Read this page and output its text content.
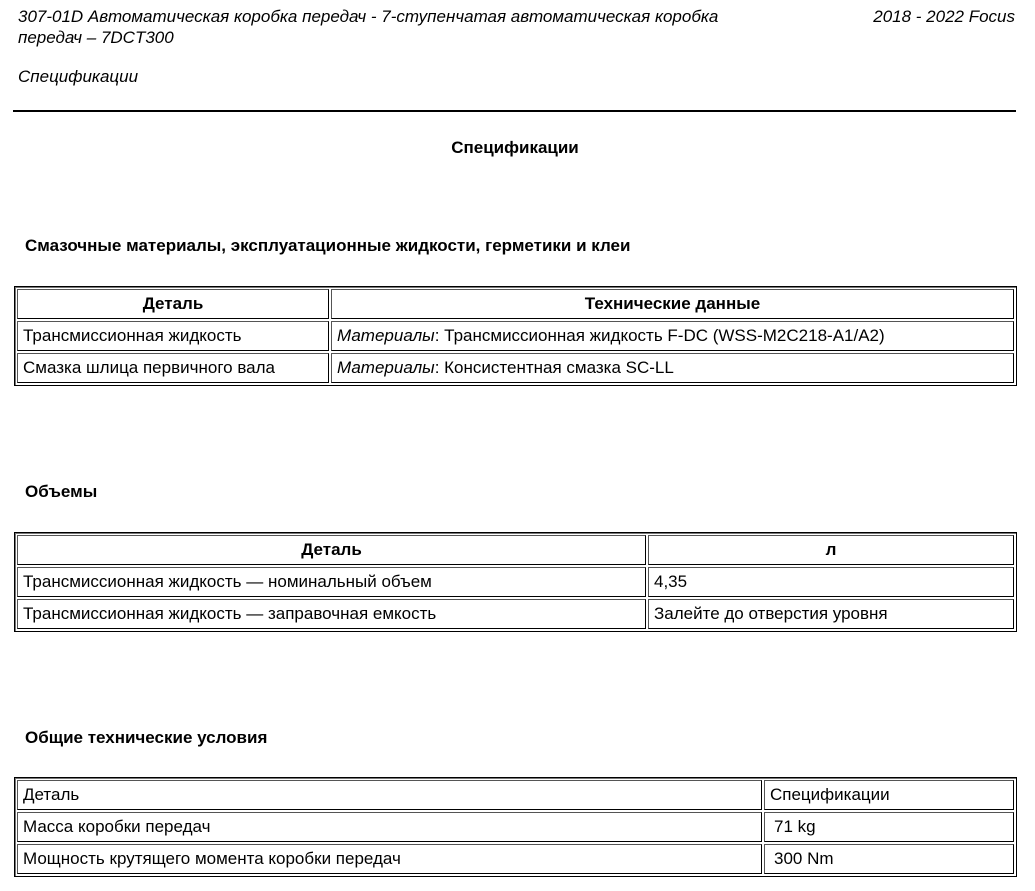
307-01D Автоматическая коробка передач - 7-ступенчатая автоматическая коробка передач – 7DCT300
2018 - 2022 Focus
Спецификации
Спецификации
Смазочные материалы, эксплуатационные жидкости, герметики и клеи
Деталь	Технические данные
Трансмиссионная жидкость	Материалы: Трансмиссионная жидкость F-DC (WSS-M2C218-A1/A2)
Смазка шлица первичного вала	Материалы: Консистентная смазка SC-LL
Объемы
Деталь	л
Трансмиссионная жидкость — номинальный объем	4,35
Трансмиссионная жидкость — заправочная емкость	Залейте до отверстия уровня
Общие технические условия
Деталь	Спецификации
Масса коробки передач	71 kg
Мощность крутящего момента коробки передач	300 Nm
